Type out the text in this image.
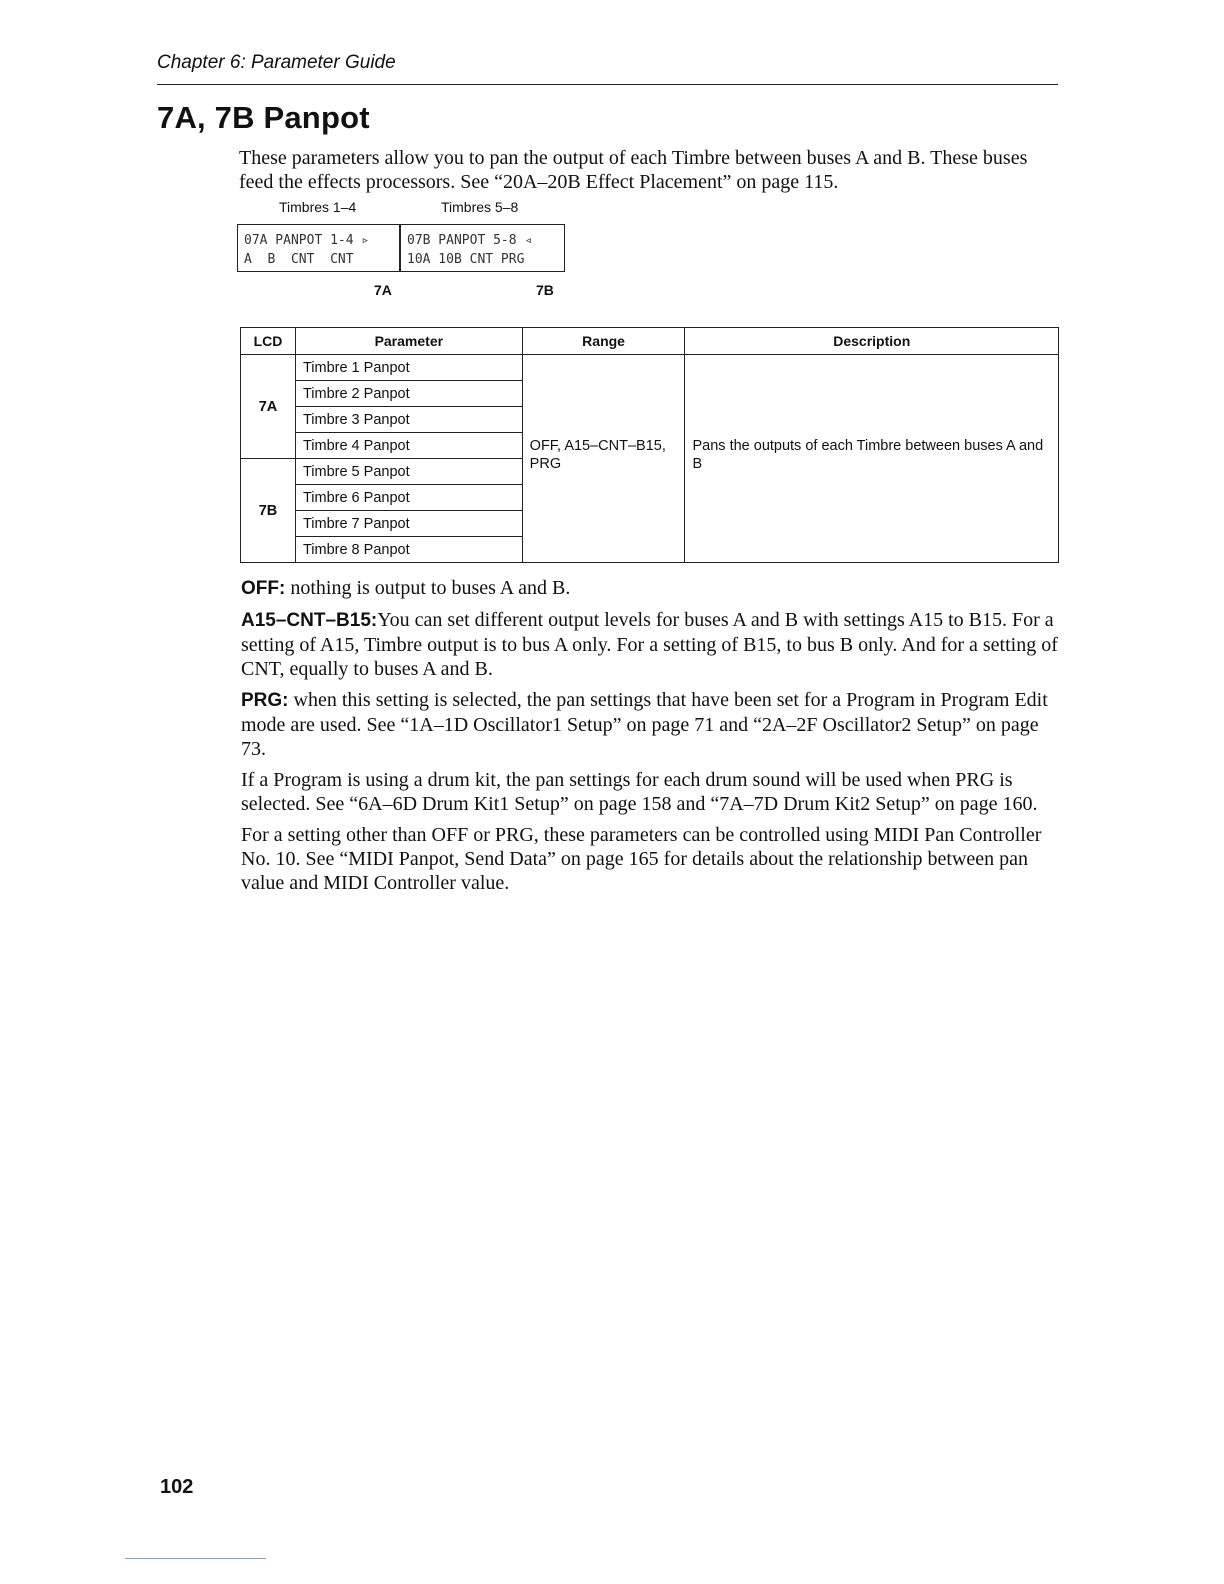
Chapter 6: Parameter Guide
7A, 7B Panpot

These parameters allow you to pan the output of each Timbre between buses A and B. These buses feed the effects processors. See “20A–20B Effect Placement” on page 115.

Timbres 1–4	Timbres 5–8
07A PANPOT 1-4 ▹
A  B  CNT  CNT
07B PANPOT 5-8 ◃
10A 10B CNT PRG
7A	7B
LCD	Parameter	Range	Description
7A	Timbre 1 Panpot	OFF, A15–CNT–B15, PRG	Pans the outputs of each Timbre between buses A and B
	Timbre 2 Panpot		
	Timbre 3 Panpot		
	Timbre 4 Panpot		
7B	Timbre 5 Panpot		
	Timbre 6 Panpot		
	Timbre 7 Panpot		
	Timbre 8 Panpot		

OFF: nothing is output to buses A and B.

A15–CNT–B15:You can set different output levels for buses A and B with settings A15 to B15. For a setting of A15, Timbre output is to bus A only. For a setting of B15, to bus B only. And for a setting of CNT, equally to buses A and B.

PRG: when this setting is selected, the pan settings that have been set for a Program in Program Edit mode are used. See “1A–1D Oscillator1 Setup” on page 71 and “2A–2F Oscillator2 Setup” on page 73.

If a Program is using a drum kit, the pan settings for each drum sound will be used when PRG is selected. See “6A–6D Drum Kit1 Setup” on page 158 and “7A–7D Drum Kit2 Setup” on page 160.

For a setting other than OFF or PRG, these parameters can be controlled using MIDI Pan Controller No. 10. See “MIDI Panpot, Send Data” on page 165 for details about the relationship between pan value and MIDI Controller value.

102
